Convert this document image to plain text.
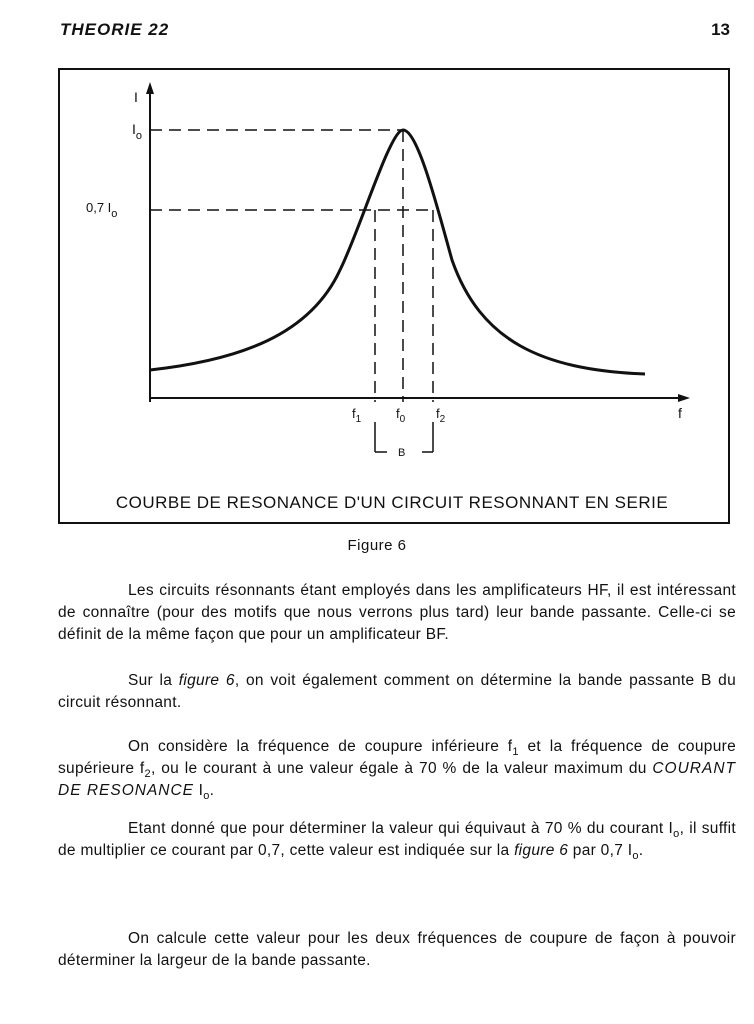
THEORIE 22	13
I
f
$I_o$
0,7 $I_o$
$f_1$	$f_0$ $f_2$
B
COURBE DE RESONANCE D'UN CIRCUIT RESONNANT EN SERIE
Figure 6

Les circuits résonnants étant employés dans les amplificateurs HF, il est intéressant de connaître (pour des motifs que nous verrons plus tard) leur bande passante. Celle-ci se définit de la même façon que pour un amplificateur BF.

Sur la figure 6, on voit également comment on détermine la bande passante B du circuit résonnant.

On considère la fréquence de coupure inférieure $f_1$ et la fréquence de coupure supérieure $f_2$, ou le courant à une valeur égale à 70 % de la valeur maximum du COURANT DE RESONANCE $I_o$.

Etant donné que pour déterminer la valeur qui équivaut à 70 % du courant $I_o$, il suffit de multiplier ce courant par 0,7, cette valeur est indiquée sur la figure 6 par 0,7 $I_o$.

On calcule cette valeur pour les deux fréquences de coupure de façon à pouvoir déterminer la largeur de la bande passante.
